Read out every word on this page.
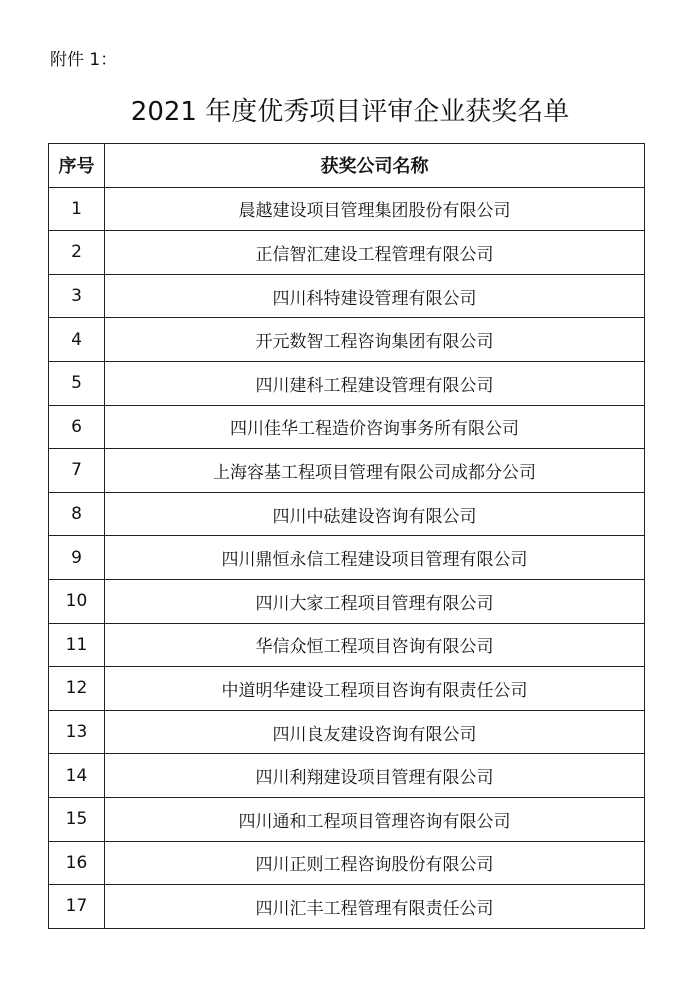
附件 1：
2021 年度优秀项目评审企业获奖名单
序号	获奖公司名称
1	晨越建设项目管理集团股份有限公司
2	正信智汇建设工程管理有限公司
3	四川科特建设管理有限公司
4	开元数智工程咨询集团有限公司
5	四川建科工程建设管理有限公司
6	四川佳华工程造价咨询事务所有限公司
7	上海容基工程项目管理有限公司成都分公司
8	四川中砝建设咨询有限公司
9	四川鼎恒永信工程建设项目管理有限公司
10	四川大家工程项目管理有限公司
11	华信众恒工程项目咨询有限公司
12	中道明华建设工程项目咨询有限责任公司
13	四川良友建设咨询有限公司
14	四川利翔建设项目管理有限公司
15	四川通和工程项目管理咨询有限公司
16	四川正则工程咨询股份有限公司
17	四川汇丰工程管理有限责任公司
